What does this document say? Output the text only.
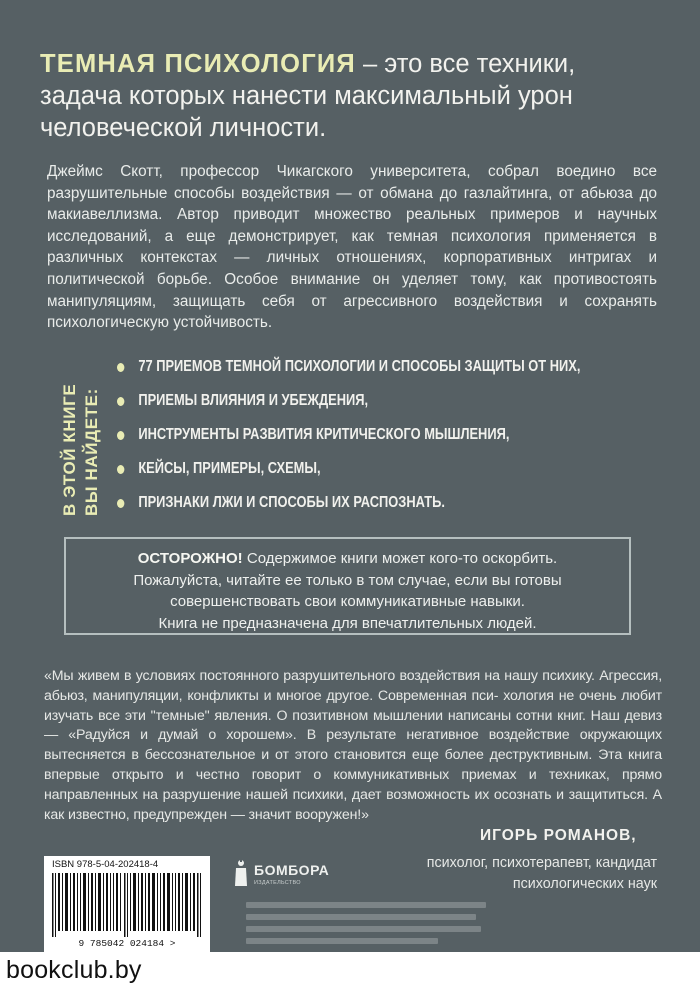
ТЕМНАЯ ПСИХОЛОГИЯ – это все техники,
задача которых нанести максимальный урон
человеческой личности.
Джеймс Скотт, профессор Чикагского университета, собрал воедино все разрушительные способы воздействия — от обмана до газлайтинга, от абьюза до макиавеллизма. Автор приводит множество реальных примеров и научных исследований, а еще демонстрирует, как темная психология применяется в различных контекстах — личных отношениях, корпоративных интригах и политической борьбе. Особое внимание он уделяет тому, как противостоять манипуляциям, защищать себя от агрессивного воздействия и сохранять психологическую устойчивость.
В ЭТОЙ КНИГЕ ВЫ НАЙДЕТЕ:
77 ПРИЕМОВ ТЕМНОЙ ПСИХОЛОГИИ И СПОСОБЫ ЗАЩИТЫ ОТ НИХ,
ПРИЕМЫ ВЛИЯНИЯ И УБЕЖДЕНИЯ,
ИНСТРУМЕНТЫ РАЗВИТИЯ КРИТИЧЕСКОГО МЫШЛЕНИЯ,
КЕЙСЫ, ПРИМЕРЫ, СХЕМЫ,
ПРИЗНАКИ ЛЖИ И СПОСОБЫ ИХ РАСПОЗНАТЬ.
ОСТОРОЖНО! Содержимое книги может кого-то оскорбить.
Пожалуйста, читайте ее только в том случае, если вы готовы
совершенствовать свои коммуникативные навыки.
Книга не предназначена для впечатлительных людей.
«Мы живем в условиях постоянного разрушительного воздействия на нашу психику. Агрессия, абьюз, манипуляции, конфликты и многое другое. Современная пси- хология не очень любит изучать все эти "темные" явления. О позитивном мышлении написаны сотни книг. Наш девиз — «Радуйся и думай о хорошем». В результате негативное воздействие окружающих вытесняется в бессознательное и от этого становится еще более деструктивным. Эта книга впервые открыто и честно говорит о коммуникативных приемах и техниках, прямо направленных на разрушение нашей психики, дает возможность их осознать и защититься. А как известно, предупрежден — значит вооружен!»
ИГОРЬ РОМАНОВ,
психолог, психотерапевт, кандидат
психологических наук
ISBN 978-5-04-202418-4
9 785042 024184 >
БОМБОРА
ИЗДАТЕЛЬСТВО
bookclub.by
